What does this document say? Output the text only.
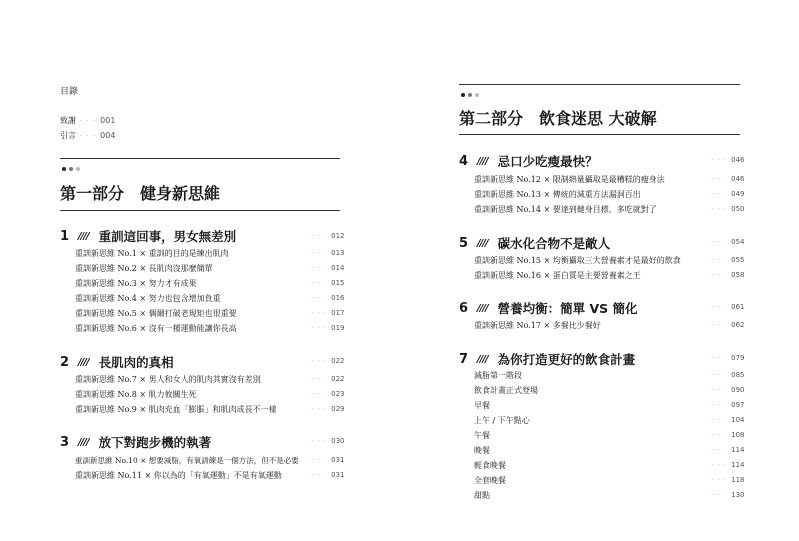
目錄
致謝 · · · 001
引言 · · · 004
第一部分　健身新思維
1 //// 重訓這回事，男女無差別	· · · 012
重訓新思維 No.1 × 重訓的目的是練出肌肉	· · · 013
重訓新思維 No.2 × 長肌肉沒那麼簡單	· · · 014
重訓新思維 No.3 × 努力才有成果	· · · 015
重訓新思維 No.4 × 努力也包含增加負重	· · · 016
重訓新思維 No.5 × 偶爾打破老規矩也很重要	· · · 017
重訓新思維 No.6 × 沒有一種運動能讓你長高	· · · 019
2 //// 長肌肉的真相	· · · 022
重訓新思維 No.7 × 男人和女人的肌肉其實沒有差別	· · · 022
重訓新思維 No.8 × 肌力攸關生死	· · · 023
重訓新思維 No.9 × 肌肉充血「膨脹」和肌肉成長不一樣	· · · 029
3 //// 放下對跑步機的執著	· · · 030
重訓新思維 No.10 × 想要減脂，有氧訓練是一個方法，但不是必要 · · · 031
重訓新思維 No.11 × 你以為的「有氧運動」不是有氧運動	· · · 031
第二部分　飲食迷思 大破解
4 //// 忌口少吃瘦最快？	· · · 046
重訓新思維 No.12 × 限制熱量攝取是最糟糕的瘦身法	· · · 046
重訓新思維 No.13 × 傳統的減重方法漏洞百出	· · · 049
重訓新思維 No.14 × 要達到健身目標，多吃就對了	· · · 050
5 //// 碳水化合物不是敵人	· · · 054
重訓新思維 No.15 × 均衡攝取三大營養素才是最好的飲食	· · · 055
重訓新思維 No.16 × 蛋白質是主要營養素之王	· · · 058
6 //// 營養均衡：簡單 VS 簡化	· · · 061
重訓新思維 No.17 × 多餐比少餐好	· · · 062
7 //// 為你打造更好的飲食計畫	· · · 079
減脂第一階段	· · · 085
飲食計畫正式登場	· · · 090
早餐	· · · 097
上午 / 下午點心	· · · 104
午餐	· · · 108
晚餐	· · · 114
輕食晚餐	· · · 114
全套晚餐	· · · 118
甜點	· · · 130
